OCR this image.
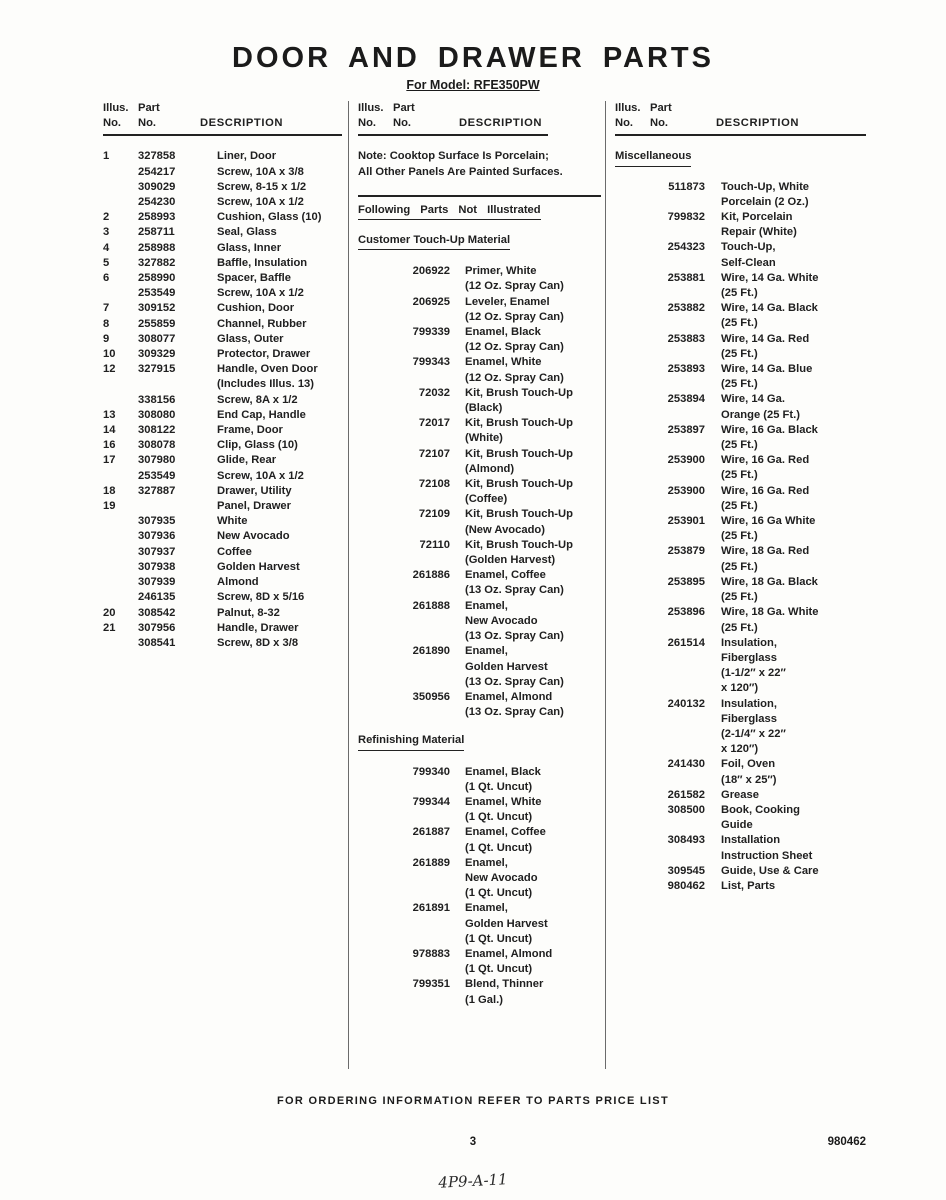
DOOR AND DRAWER PARTS
For Model: RFE350PW
Illus. Part
No. No.	DESCRIPTION
1	327858	Liner, Door
254217	Screw, 10A x 3/8
309029	Screw, 8-15 x 1/2
254230	Screw, 10A x 1/2
2	258993	Cushion, Glass (10)
3	258711	Seal, Glass
4	258988	Glass, Inner
5	327882	Baffle, Insulation
6	258990	Spacer, Baffle
253549	Screw, 10A x 1/2
7	309152	Cushion, Door
8	255859	Channel, Rubber
9	308077	Glass, Outer
10	309329	Protector, Drawer
12	327915	Handle, Oven Door
(Includes Illus. 13)
338156	Screw, 8A x 1/2
13	308080	End Cap, Handle
14	308122	Frame, Door
16	308078	Clip, Glass (10)
17	307980	Glide, Rear
253549	Screw, 10A x 1/2
18	327887	Drawer, Utility
19	Panel, Drawer
307935	White
307936	New Avocado
307937	Coffee
307938	Golden Harvest
307939	Almond
246135	Screw, 8D x 5/16
20	308542	Palnut, 8-32
21	307956	Handle, Drawer
308541	Screw, 8D x 3/8
Illus. Part
No. No.	DESCRIPTION
Note: Cooktop Surface Is Porcelain;
All Other Panels Are Painted Surfaces.
Following Parts Not Illustrated
Customer Touch-Up Material
206922 Primer, White
(12 Oz. Spray Can)
206925 Leveler, Enamel
(12 Oz. Spray Can)
799339 Enamel, Black
(12 Oz. Spray Can)
799343 Enamel, White
(12 Oz. Spray Can)
72032 Kit, Brush Touch-Up
(Black)
72017 Kit, Brush Touch-Up
(White)
72107 Kit, Brush Touch-Up
(Almond)
72108 Kit, Brush Touch-Up
(Coffee)
72109 Kit, Brush Touch-Up
(New Avocado)
72110 Kit, Brush Touch-Up
(Golden Harvest)
261886 Enamel, Coffee
(13 Oz. Spray Can)
261888 Enamel,
New Avocado
(13 Oz. Spray Can)
261890 Enamel,
Golden Harvest
(13 Oz. Spray Can)
350956 Enamel, Almond
(13 Oz. Spray Can)
Refinishing Material
799340 Enamel, Black
(1 Qt. Uncut)
799344 Enamel, White
(1 Qt. Uncut)
261887 Enamel, Coffee
(1 Qt. Uncut)
261889 Enamel,
New Avocado
(1 Qt. Uncut)
261891 Enamel,
Golden Harvest
(1 Qt. Uncut)
978883 Enamel, Almond
(1 Qt. Uncut)
799351 Blend, Thinner
(1 Gal.)
Illus. Part
No. No.	DESCRIPTION
Miscellaneous
511873 Touch-Up, White
Porcelain (2 Oz.)
799832 Kit, Porcelain
Repair (White)
254323 Touch-Up,
Self-Clean
253881 Wire, 14 Ga. White
(25 Ft.)
253882 Wire, 14 Ga. Black
(25 Ft.)
253883 Wire, 14 Ga. Red
(25 Ft.)
253893 Wire, 14 Ga. Blue
(25 Ft.)
253894 Wire, 14 Ga.
Orange (25 Ft.)
253897 Wire, 16 Ga. Black
(25 Ft.)
253900 Wire, 16 Ga. Red
(25 Ft.)
253900 Wire, 16 Ga. Red
(25 Ft.)
253901 Wire, 16 Ga White
(25 Ft.)
253879 Wire, 18 Ga. Red
(25 Ft.)
253895 Wire, 18 Ga. Black
(25 Ft.)
253896 Wire, 18 Ga. White
(25 Ft.)
261514 Insulation,
Fiberglass
(1-1/2″ x 22″
x 120″)
240132 Insulation,
Fiberglass
(2-1/4″ x 22″
x 120″)
241430 Foil, Oven
(18″ x 25″)
261582 Grease
308500 Book, Cooking
Guide
308493 Installation
Instruction Sheet
309545 Guide, Use & Care
980462 List, Parts
FOR ORDERING INFORMATION REFER TO PARTS PRICE LIST
3	980462
4P9-A-11
